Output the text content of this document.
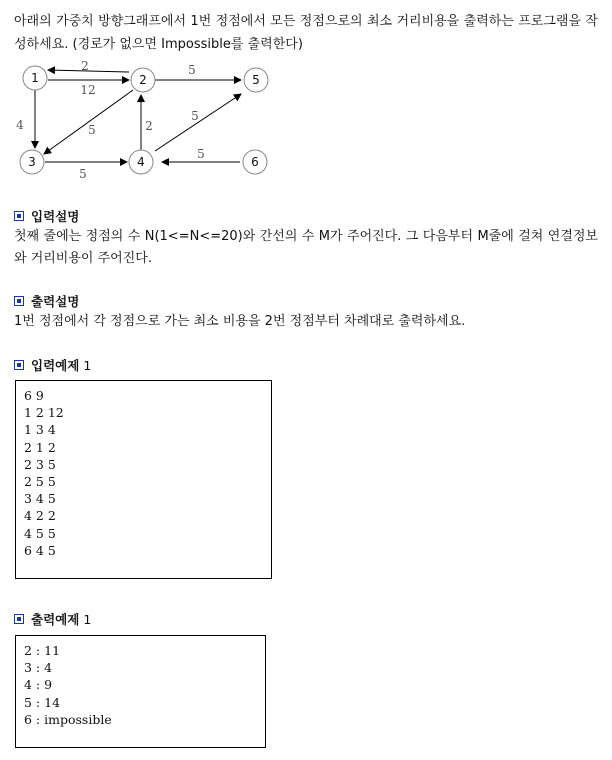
아래의 가중치 방향그래프에서 1번 정점에서 모든 정점으로의 최소 거리비용을 출력하는 프로그램을 작성하세요. (경로가 없으면 Impossible를 출력한다)
1	2
3	4
5
6
2
12
5
4	5	2
5
5
5
입력설명
첫째 줄에는 정점의 수 N(1<=N<=20)와 간선의 수 M가 주어진다. 그 다음부터 M줄에 걸쳐 연결정보와 거리비용이 주어진다.
출력설명
1번 정점에서 각 정점으로 가는 최소 비용을 2번 정점부터 차례대로 출력하세요.
입력예제 1
6 9
1 2 12
1 3 4
2 1 2
2 3 5
2 5 5
3 4 5
4 2 2
4 5 5
6 4 5
출력예제 1
2 : 11
3 : 4
4 : 9
5 : 14
6 : impossible
